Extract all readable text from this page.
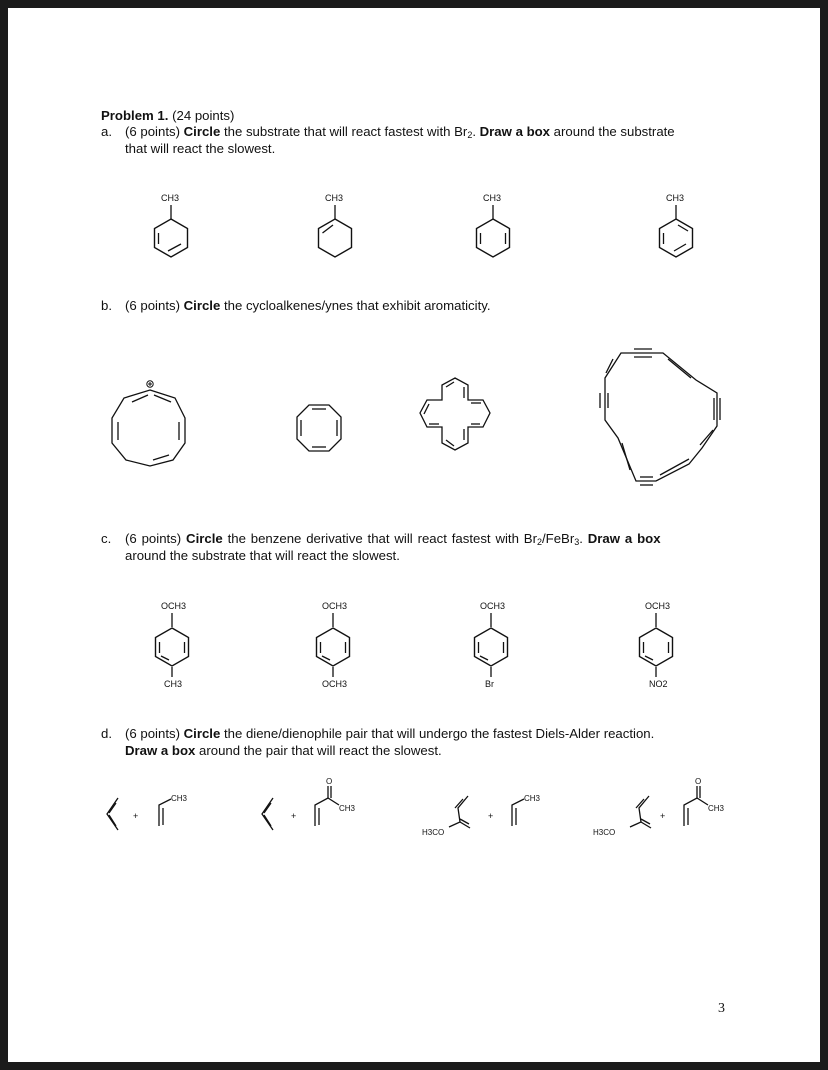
Problem 1. (24 points)
a. (6 points) Circle the substrate that will react fastest with $Br_2$. Draw a box around the substrate
that will react the slowest.
b. (6 points) Circle the cycloalkenes/ynes that exhibit aromaticity.
c. (6 points) Circle the benzene derivative that will react fastest with $Br_2/FeBr_3$. Draw a box
around the substrate that will react the slowest.
d. (6 points) Circle the diene/dienophile pair that will undergo the fastest Diels-Alder reaction.
Draw a box around the pair that will react the slowest.
CH3	CH3	CH3	CH3
OCH3
CH3
OCH3
OCH3
OCH3
Br
OCH3
NO2
+
CH3
+
O
CH3
+
H3CO
CH3
+
H3CO
O
CH3
3
